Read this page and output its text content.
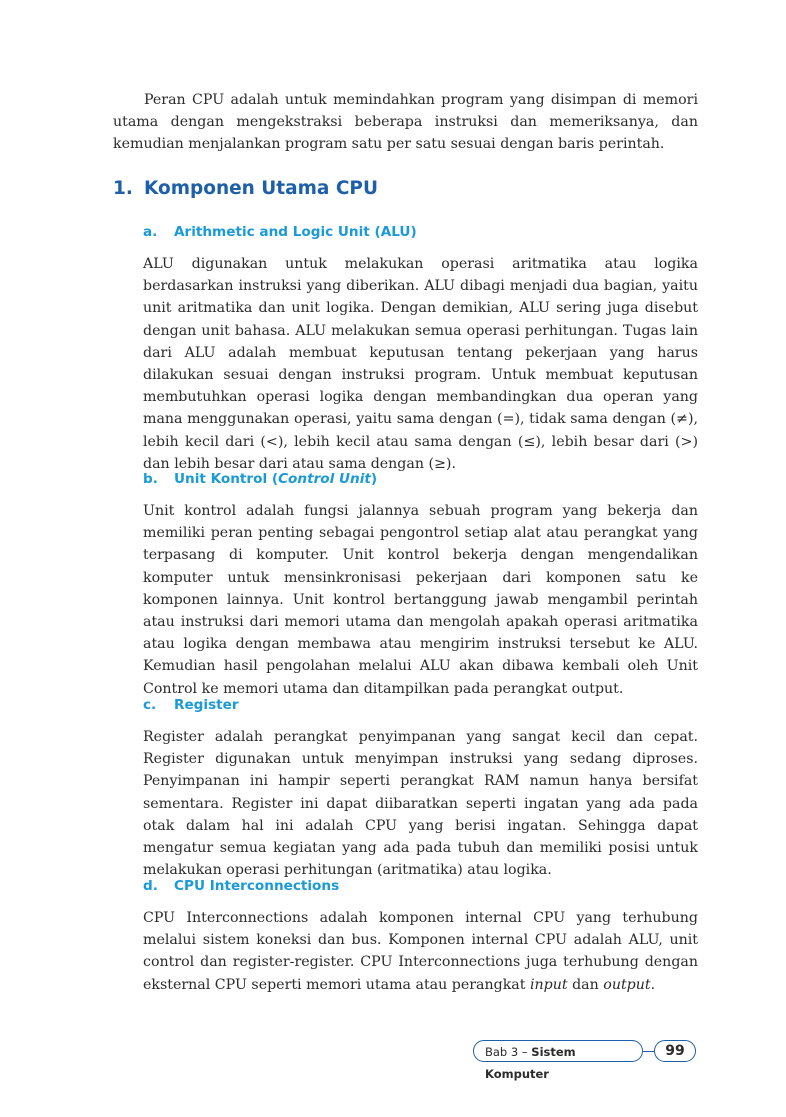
Peran CPU adalah untuk memindahkan program yang disimpan di memori utama dengan mengekstraksi beberapa instruksi dan memeriksanya, dan kemudian menjalankan program satu per satu sesuai dengan baris perintah.

1. Komponen Utama CPU
a. Arithmetic and Logic Unit (ALU)

ALU digunakan untuk melakukan operasi aritmatika atau logika berdasarkan instruksi yang diberikan. ALU dibagi menjadi dua bagian, yaitu unit aritmatika dan unit logika. Dengan demikian, ALU sering juga disebut dengan unit bahasa. ALU melakukan semua operasi perhitungan. Tugas lain dari ALU adalah membuat keputusan tentang pekerjaan yang harus dilakukan sesuai dengan instruksi program. Untuk membuat keputusan membutuhkan operasi logika dengan membandingkan dua operan yang mana menggunakan operasi, yaitu sama dengan (=), tidak sama dengan (≠), lebih kecil dari (<), lebih kecil atau sama dengan (≤), lebih besar dari (>) dan lebih besar dari atau sama dengan (≥).

b. Unit Kontrol (Control Unit)

Unit kontrol adalah fungsi jalannya sebuah program yang bekerja dan memiliki peran penting sebagai pengontrol setiap alat atau perangkat yang terpasang di komputer. Unit kontrol bekerja dengan mengendalikan komputer untuk mensinkronisasi pekerjaan dari komponen satu ke komponen lainnya. Unit kontrol bertanggung jawab mengambil perintah atau instruksi dari memori utama dan mengolah apakah operasi aritmatika atau logika dengan membawa atau mengirim instruksi tersebut ke ALU. Kemudian hasil pengolahan melalui ALU akan dibawa kembali oleh Unit Control ke memori utama dan ditampilkan pada perangkat output.

c. Register

Register adalah perangkat penyimpanan yang sangat kecil dan cepat. Register digunakan untuk menyimpan instruksi yang sedang diproses. Penyimpanan ini hampir seperti perangkat RAM namun hanya bersifat sementara. Register ini dapat diibaratkan seperti ingatan yang ada pada otak dalam hal ini adalah CPU yang berisi ingatan. Sehingga dapat mengatur semua kegiatan yang ada pada tubuh dan memiliki posisi untuk melakukan operasi perhitungan (aritmatika) atau logika.

d. CPU Interconnections

CPU Interconnections adalah komponen internal CPU yang terhubung melalui sistem koneksi dan bus. Komponen internal CPU adalah ALU, unit control dan register-register. CPU Interconnections juga terhubung dengan eksternal CPU seperti memori utama atau perangkat input dan output.

Bab 3 – Sistem Komputer
99
